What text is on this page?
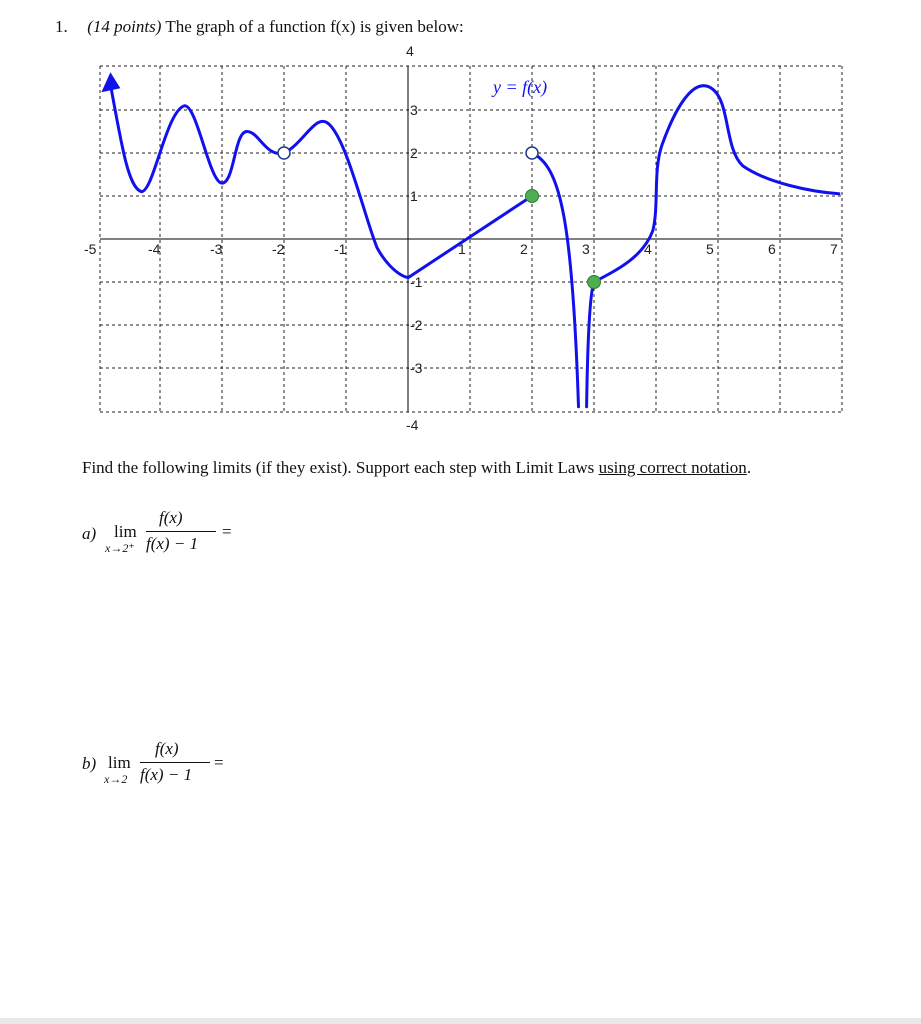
1. (14 points) The graph of a function f(x) is given below:
-5	-4	-3	-2	-1	1	2	3	4	5	6	7
4
3
2
1
-1
-2
-3
-4
y = f(x)
Find the following limits (if they exist). Support each step with Limit Laws using correct notation.
a) lim
x→2⁺
f(x)
f(x) − 1
=
b) lim
x→2
f(x)
f(x) − 1
=
